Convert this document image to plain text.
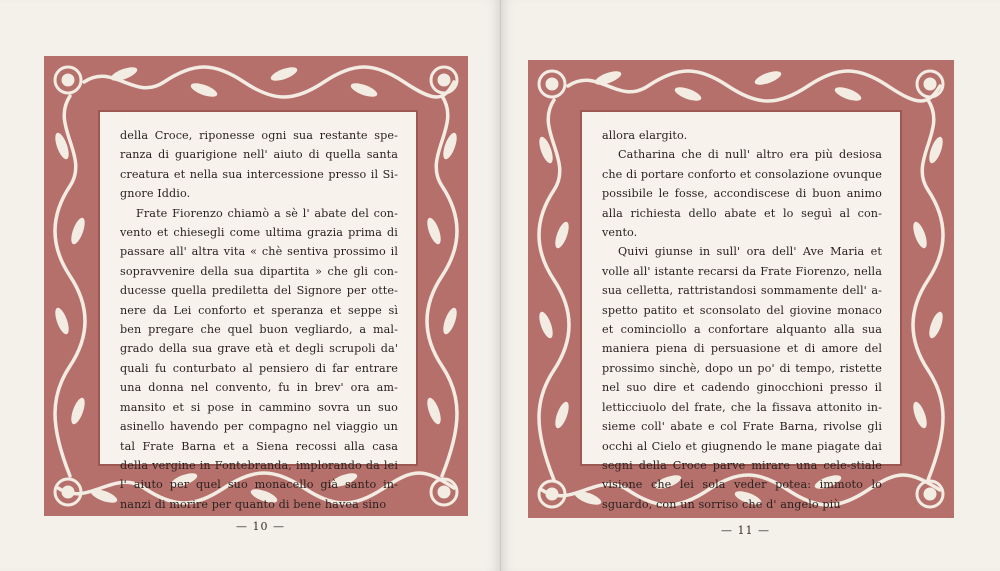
della Croce, riponesse ogni sua restante spe-ranza di guarigione nell' aiuto di quella santa creatura et nella sua intercessione presso il Si-gnore Iddio.

Frate Fiorenzo chiamò a sè l' abate del con-vento et chiesegli come ultima grazia prima di passare all' altra vita « chè sentiva prossimo il sopravvenire della sua dipartita » che gli con-ducesse quella prediletta del Signore per otte-nere da Lei conforto et speranza et seppe sì ben pregare che quel buon vegliardo, a mal-grado della sua grave età et degli scrupoli da' quali fu conturbato al pensiero di far entrare una donna nel convento, fu in brev' ora am-mansito et si pose in cammino sovra un suo asinello havendo per compagno nel viaggio un tal Frate Barna et a Siena recossi alla casa della vergine in Fontebranda, implorando da lei l' aiuto per quel suo monacello già santo in-nanzi di morire per quanto di bene havea sino

— 10 —

allora elargito.

Catharina che di null' altro era più desiosa che di portare conforto et consolazione ovunque possibile le fosse, accondiscese di buon animo alla richiesta dello abate et lo seguì al con-vento.

Quivi giunse in sull' ora dell' Ave Maria et volle all' istante recarsi da Frate Fiorenzo, nella sua celletta, rattristandosi sommamente dell' a-spetto patito et sconsolato del giovine monaco et cominciollo a confortare alquanto alla sua maniera piena di persuasione et di amore del prossimo sinchè, dopo un po' di tempo, ristette nel suo dire et cadendo ginocchioni presso il letticciuolo del frate, che la fissava attonito in-sieme coll' abate e col Frate Barna, rivolse gli occhi al Cielo et giugnendo le mane piagate dai segni della Croce parve mirare una cele-stiale visione che lei sola veder potea: immoto lo sguardo, con un sorriso che d' angelo più

— 11 —
